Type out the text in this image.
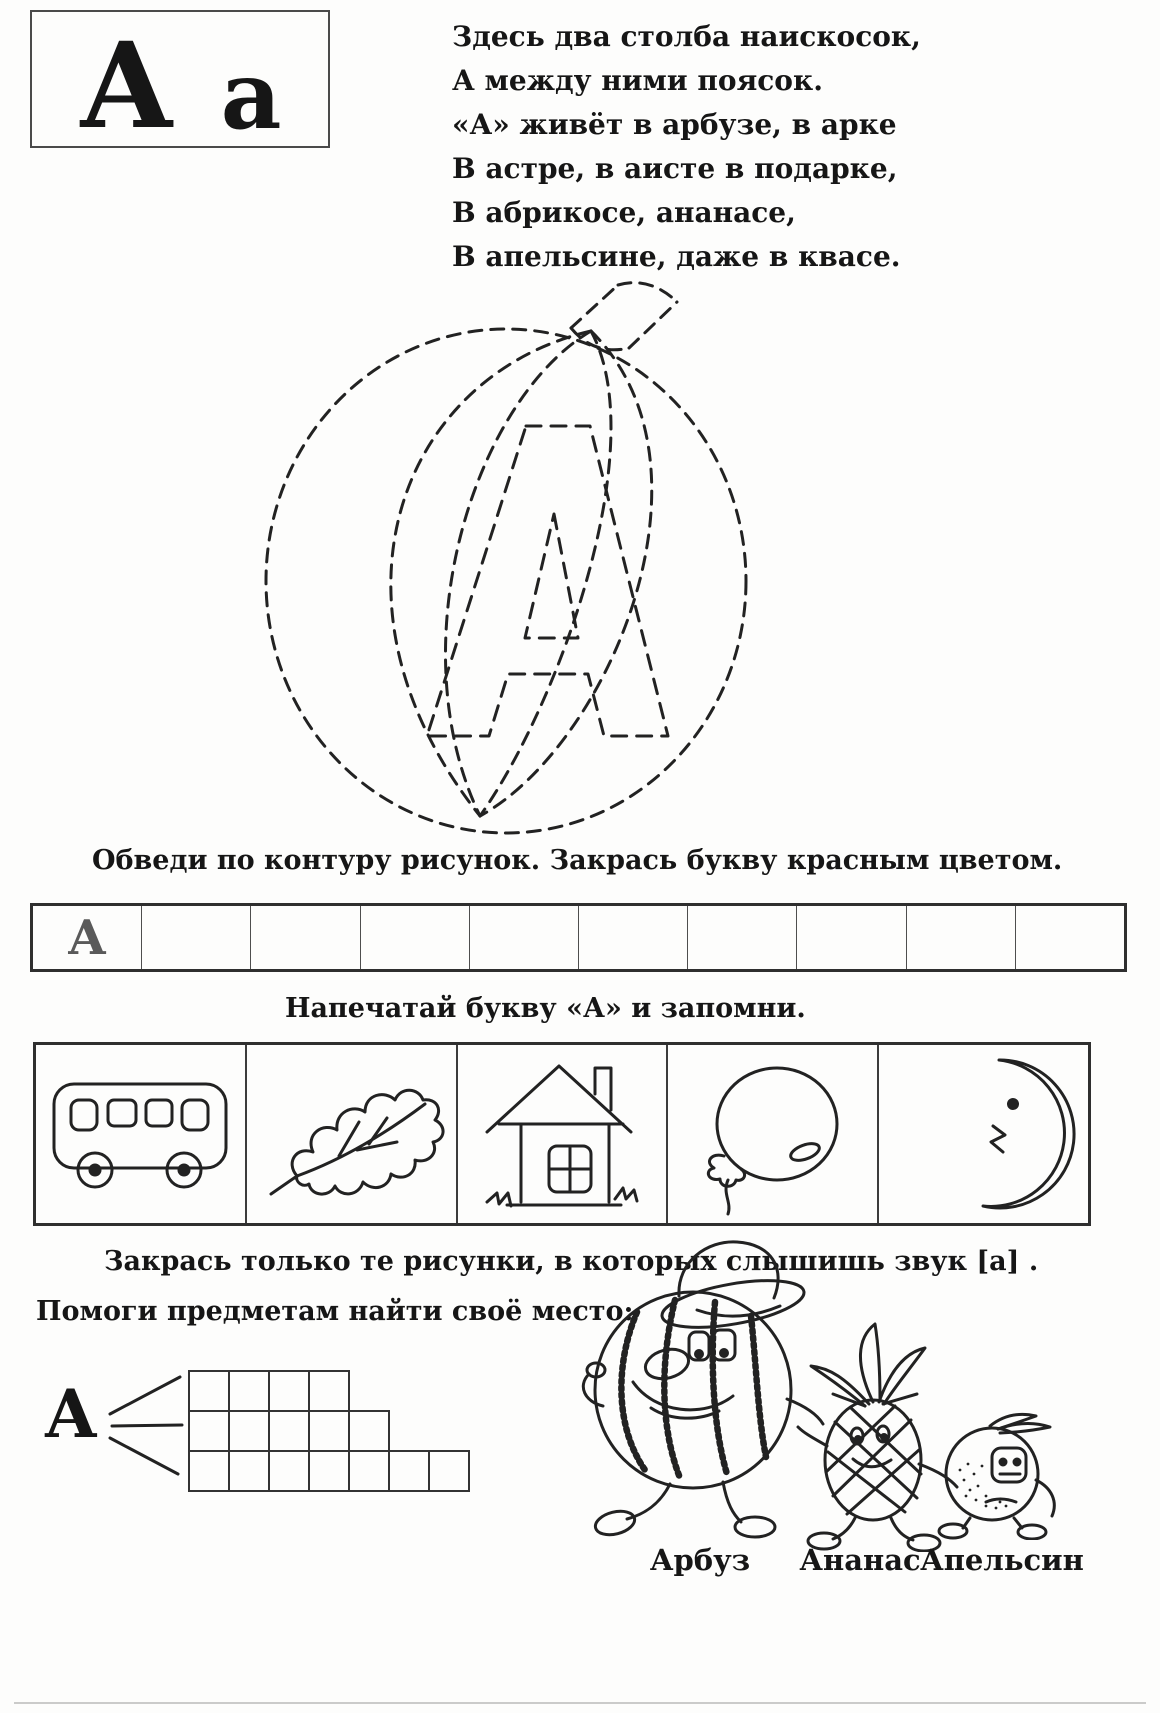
А а
Здесь два столба наискосок,
А между ними поясок.
«А» живёт в арбузе, в арке
В астре, в аисте в подарке,
В абрикосе, ананасе,
В апельсине, даже в квасе.
Обведи по контуру рисунок. Закрась букву красным цветом.
А
Напечатай букву «А» и запомни.
Закрась только те рисунки, в которых слышишь звук [а] .
Помоги предметам найти своё место:
А
Арбуз	Ананас Апельсин
